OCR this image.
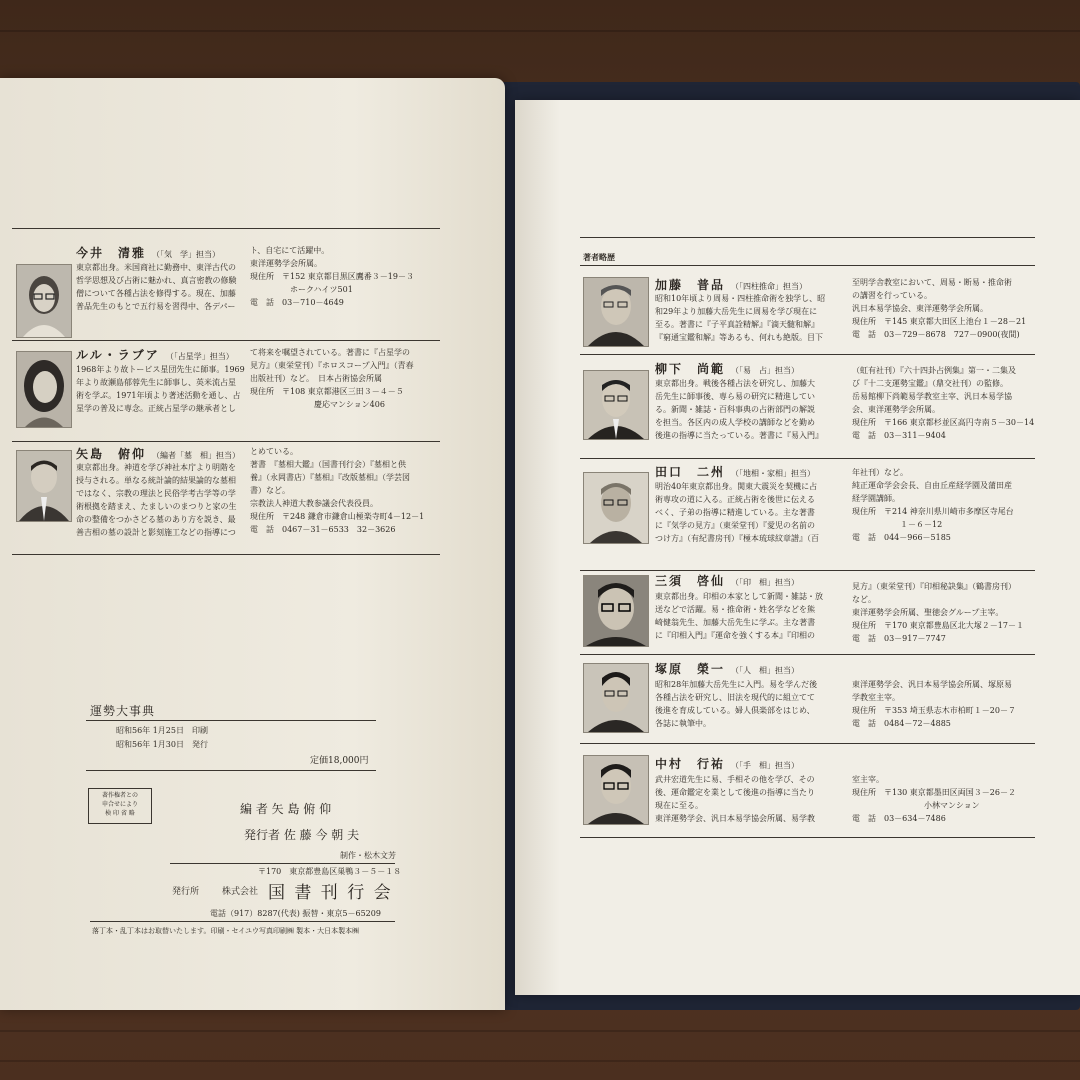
今井　清雅 （「気　学」担当）
東京都出身。米国商社に勤務中、東洋古代の
哲学思想及び占術に魅かれ、真言密教の修験
僧について各種占法を修得する。現在、加藤
普品先生のもとで五行易を習得中、各デパー
ト、自宅にて活躍中。
東洋運勢学会所属。
現住所　〒152 東京都目黒区鷹番３－19－３
　　　　　ホークハイツ501
電　話　03－710－4649
ルル・ラブア （「占星学」担当）
1968年より故トービス星団先生に師事。1969
年より故瀬島郁蓉先生に師事し、英米流占星
術を学ぶ。1971年頃より著述活動を通し、占
星学の普及に専念。正統占星学の継承者とし
て将来を嘱望されている。著書に『占星学の
見方』（東栄堂刊）『ホロスコープ入門』（青春
出版社刊）など。　日本占術協会所属
現住所　〒108 東京都港区三田３－４－５
　　　　　　　　慶応マンション406
矢島　俯仰 （編者「墓　相」担当）
東京都出身。神道を学び神社本庁より明階を
授与される。単なる統計論的結果論的な墓相
ではなく、宗教の理法と民俗学考古学等の学
術根拠を踏まえ、たましいのまつりと家の生
命の整備をつかさどる墓のあり方を説き、最
善吉相の墓の設計と影刻施工などの指導につ
とめている。
著書　『墓相大鑑』（国書刊行会）『墓相と供
養』（永岡書店）『墓相』『改版墓相』（学芸図
書）など。
宗教法人神道大教参議会代表役員。
現住所　〒248 鎌倉市鎌倉山極楽寺町4－12－1
電　話　0467－31－6533　32－3626
運勢大事典
昭和56年 1月25日　印刷
昭和56年 1月30日　発行
定価18,000円
著作権者との
申合せにより
検 印 省 略	編 者 矢 島 俯 仰
発行者 佐 藤 今 朝 夫
制作・松木文芳
〒170　東京都豊島区巣鴨３－５－１８
発行所	株式会社 国 書 刊 行 会
電話（917）8287(代表) 振替・東京5－65209
落丁本・乱丁本はお取替いたします。印刷・セイユウ写真印刷㈱ 製本・大日本製本㈱
著者略歴
加藤　普品 （「四柱推命」担当）
昭和10年頃より周易・四柱推命術を独学し、昭
和29年より加藤大岳先生に周易を学び現在に
至る。著書に『子平真詮精解』『滴天髄和解』
『窮通宝鑑和解』等あるも、何れも絶版。目下
至明学舎教室において、周易・断易・推命術
の講習を行っている。
汎日本易学協会、東洋運勢学会所属。
現住所　〒145 東京都大田区上池台１－28－21
電　話　03－729－8678　727－0900(夜間)
柳下　尚範 （「易　占」担当）
東京都出身。戦後各種占法を研究し、加藤大
岳先生に師事後、専ら易の研究に精進してい
る。新聞・雑誌・百科事典の占術部門の解説
を担当。各区内の成人学校の講師などを勤め
後進の指導に当たっている。著書に『易入門』
（虹有社刊）『六十四卦占例集』第一・二集及
び『十二支運勢宝鑑』（鼎交社刊）の監修。
岳易館柳下尚範易学教室主宰、汎日本易学協
会、東洋運勢学会所属。
現住所　〒166 東京都杉並区高円寺南５－30－14
電　話　03－311－9404
田口　二州 （「地相・家相」担当）
明治40年東京都出身。関東大震災を契機に占
術専攻の道に入る。正統占術を後世に伝える
べく、子弟の指導に精進している。主な著書
に『気学の見方』（東栄堂刊）『愛児の名前の
つけ方』（有紀書房刊）『極本琉球紋章譜』（百
年社刊）など。
純正運命学会会長、自由丘産経学園及蒲田産
経学園講師。
現住所　〒214 神奈川県川崎市多摩区寺尾台
　　　　　　１－６－12
電　話　044－966－5185
三須　啓仙 （「印　相」担当）
東京都出身。印相の本家として新聞・雑誌・放
送などで活躍。易・推命術・姓名学などを熊
崎健翁先生、加藤大岳先生に学ぶ。主な著書
に『印相入門』『運命を強くする本』『印相の
見方』（東栄堂刊）『印相秘訣集』（鶴書房刊）
など。
東洋運勢学会所属、聖徳会グループ主宰。
現住所　〒170 東京都豊島区北大塚２－17－１
電　話　03－917－7747
塚原　榮一 （「人　相」担当）
昭和28年加藤大岳先生に入門。易を学んだ後
各種占法を研究し、旧法を現代的に組立てて
後進を育成している。婦人倶楽部をはじめ、
各誌に執筆中。
東洋運勢学会、汎日本易学協会所属、塚原易
学教室主宰。
現住所　〒353 埼玉県志木市柏町１－20－７
電　話　0484－72－4885
中村　行祐 （「手　相」担当）
武井宏道先生に易、手相その他を学び、その
後、運命鑑定を業として後進の指導に当たり
現在に至る。
東洋運勢学会、汎日本易学協会所属、易学教
室主宰。
現住所　〒130 東京都墨田区両国３－26－２
　　　　　　　　　小林マンション
電　話　03－634－7486
